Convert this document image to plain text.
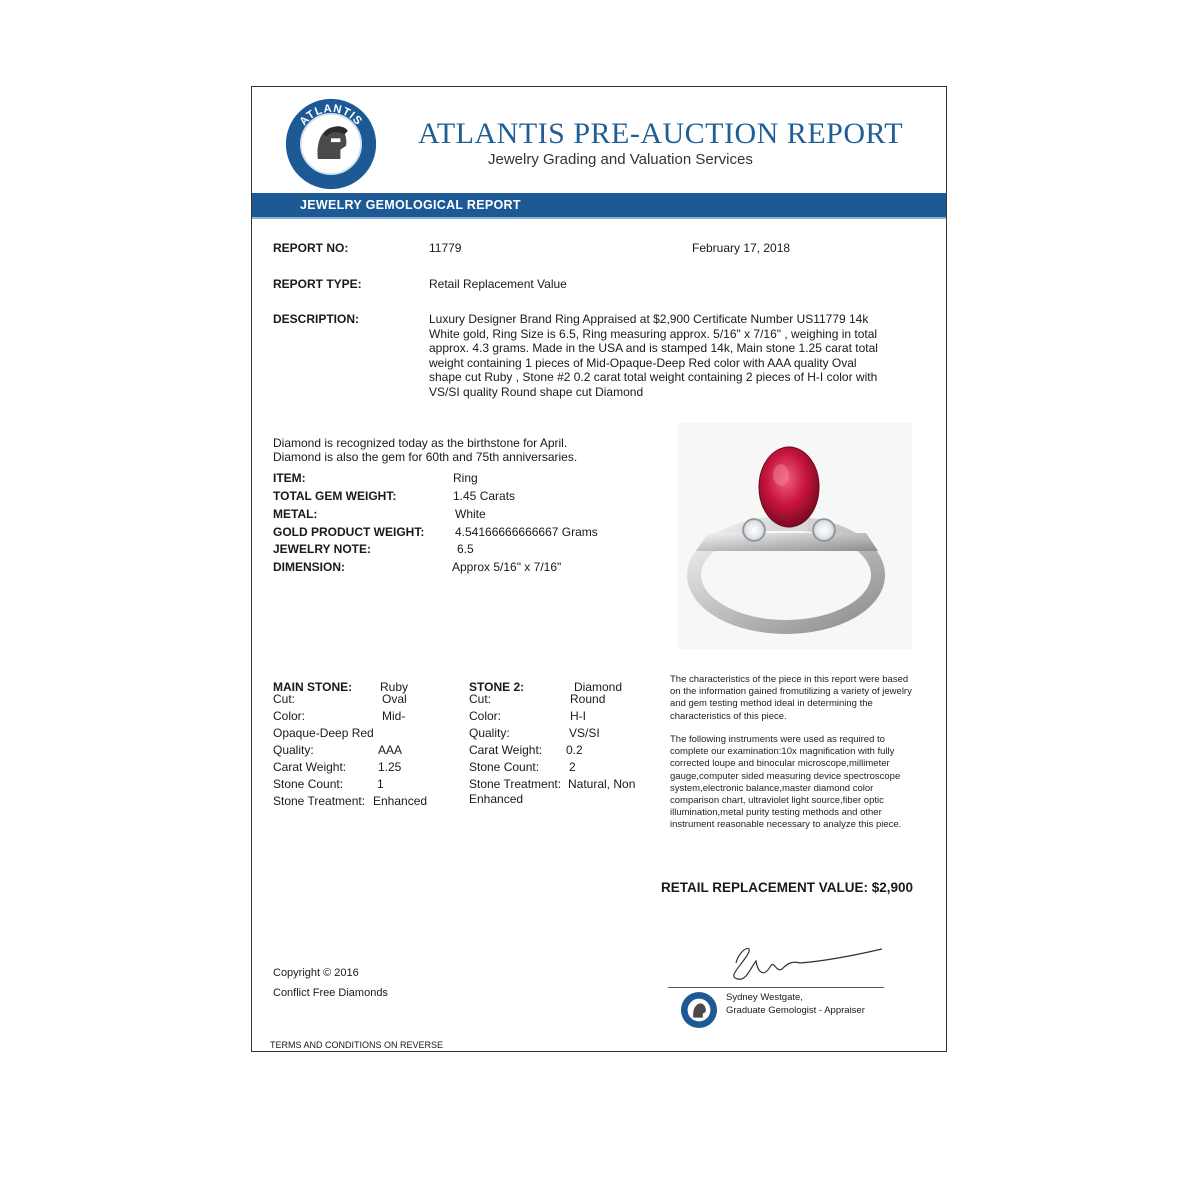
ATLANTIS
AUCTION REPORT
ATLANTIS PRE-AUCTION REPORT
Jewelry Grading and Valuation Services
JEWELRY GEMOLOGICAL REPORT
REPORT NO:	11779	February 17, 2018
REPORT TYPE:	Retail Replacement Value
DESCRIPTION:	Luxury Designer Brand Ring Appraised at $2,900 Certificate Number US11779 14k White gold, Ring Size is 6.5, Ring measuring approx. 5/16" x 7/16" , weighing in total approx. 4.3 grams. Made in the USA and is stamped 14k, Main stone 1.25 carat total weight containing 1 pieces of Mid-Opaque-Deep Red color with AAA quality Oval shape cut Ruby , Stone #2 0.2 carat total weight containing 2 pieces of H-I color with VS/SI quality Round shape cut Diamond
Diamond is recognized today as the birthstone for April.
Diamond is also the gem for 60th and 75th anniversaries.
ITEM:	Ring
TOTAL GEM WEIGHT:	1.45 Carats
METAL:	White
GOLD PRODUCT WEIGHT:	4.54166666666667 Grams
JEWELRY NOTE:	6.5
DIMENSION:	Approx 5/16" x 7/16"
MAIN STONE: Ruby
Cut:	Oval
Color:	Mid-
Opaque-Deep Red
Quality:	AAA
Carat Weight:	1.25
Stone Count:	1
Stone Treatment: Enhanced
STONE 2:	Diamond
Cut:	Round
Color:	H-I
Quality:	VS/SI
Carat Weight: 0.2
Stone Count: 2
Stone Treatment: Natural, Non
Enhanced
The characteristics of the piece in this report were based on the information gained fromutilizing a variety of jewelry and gem testing method ideal in determining the characteristics of this piece.
The following instruments were used as required to complete our examination:10x magnification with fully corrected loupe and binocular microscope,millimeter gauge,computer sided measuring device spectroscope system,electronic balance,master diamond color comparison chart, ultraviolet light source,fiber optic illumination,metal purity testing methods and other instrument reasonable necessary to analyze this piece.
RETAIL REPLACEMENT VALUE: $2,900
Copyright © 2016
Conflict Free Diamonds	Sydney Westgate,
Graduate Gemologist - Appraiser
TERMS AND CONDITIONS ON REVERSE
